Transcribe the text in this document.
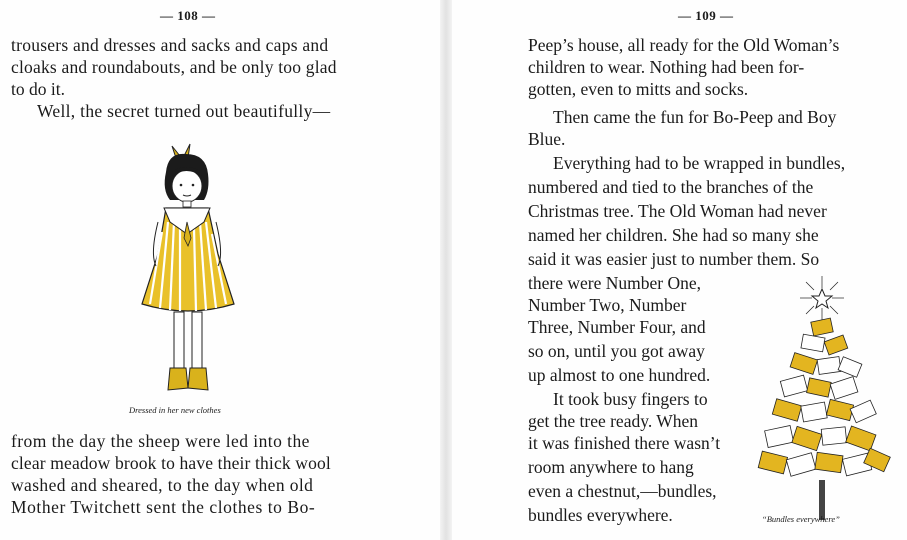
— 108 —
trousers and dresses and sacks and caps and
cloaks and roundabouts, and be only too glad
to do it.
Well, the secret turned out beautifully—
Dressed in her new clothes
from the day the sheep were led into the
clear meadow brook to have their thick wool
washed and sheared, to the day when old
Mother Twitchett sent the clothes to Bo-
— 109 —
Peep’s house, all ready for the Old Woman’s
children to wear. Nothing had been for-
gotten, even to mitts and socks.
Then came the fun for Bo-Peep and Boy
Blue.
Everything had to be wrapped in bundles,
numbered and tied to the branches of the
Christmas tree. The Old Woman had never
named her children. She had so many she
said it was easier just to number them. So
there were Number One,
Number Two, Number
Three, Number Four, and
so on, until you got away
up almost to one hundred.
It took busy fingers to
get the tree ready. When
it was finished there wasn’t
room anywhere to hang
even a chestnut,—bundles,
bundles everywhere.	“Bundles everywhere”
